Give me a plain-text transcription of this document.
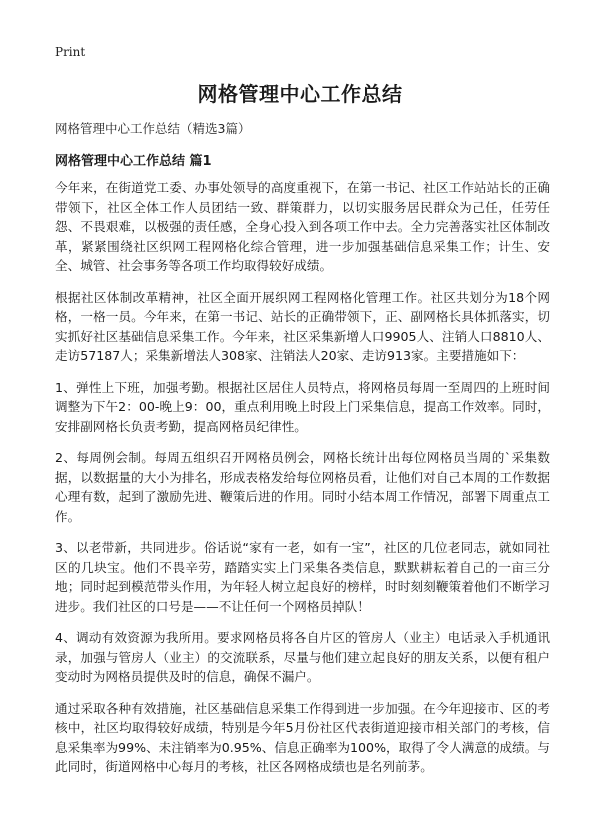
Print
网格管理中心工作总结
网格管理中心工作总结（精选3篇）
网格管理中心工作总结 篇1

今年来，在街道党工委、办事处领导的高度重视下，在第一书记、社区工作站站长的正确带领下，社区全体工作人员团结一致、群策群力，以切实服务居民群众为己任，任劳任怨、不畏艰难，以极强的责任感，全身心投入到各项工作中去。全力完善落实社区体制改革，紧紧围绕社区织网工程网格化综合管理，进一步加强基础信息采集工作；计生、安全、城管、社会事务等各项工作均取得较好成绩。

根据社区体制改革精神，社区全面开展织网工程网格化管理工作。社区共划分为18个网格，一格一员。今年来，在第一书记、站长的正确带领下，正、副网格长具体抓落实，切实抓好社区基础信息采集工作。今年来，社区采集新增人口9905人、注销人口8810人、走访57187人；采集新增法人308家、注销法人20家、走访913家。主要措施如下：

1、弹性上下班，加强考勤。根据社区居住人员特点，将网格员每周一至周四的上班时间调整为下午2：00-晚上9：00，重点利用晚上时段上门采集信息，提高工作效率。同时，安排副网格长负责考勤，提高网格员纪律性。

2、每周例会制。每周五组织召开网格员例会，网格长统计出每位网格员当周的`采集数据，以数据量的大小为排名，形成表格发给每位网格员看，让他们对自己本周的工作数据心理有数，起到了激励先进、鞭策后进的作用。同时小结本周工作情况，部署下周重点工作。

3、以老带新，共同进步。俗话说“家有一老，如有一宝”，社区的几位老同志，就如同社区的几块宝。他们不畏辛劳，踏踏实实上门采集各类信息，默默耕耘着自己的一亩三分地；同时起到模范带头作用，为年轻人树立起良好的榜样，时时刻刻鞭策着他们不断学习进步。我们社区的口号是——不让任何一个网格员掉队！

4、调动有效资源为我所用。要求网格员将各自片区的管房人（业主）电话录入手机通讯录，加强与管房人（业主）的交流联系，尽量与他们建立起良好的朋友关系，以便有租户变动时为网格员提供及时的信息，确保不漏户。

通过采取各种有效措施，社区基础信息采集工作得到进一步加强。在今年迎接市、区的考核中，社区均取得较好成绩，特别是今年5月份社区代表街道迎接市相关部门的考核，信息采集率为99%、未注销率为0.95%、信息正确率为100%，取得了令人满意的成绩。与此同时，街道网格中心每月的考核，社区各网格成绩也是名列前茅。
